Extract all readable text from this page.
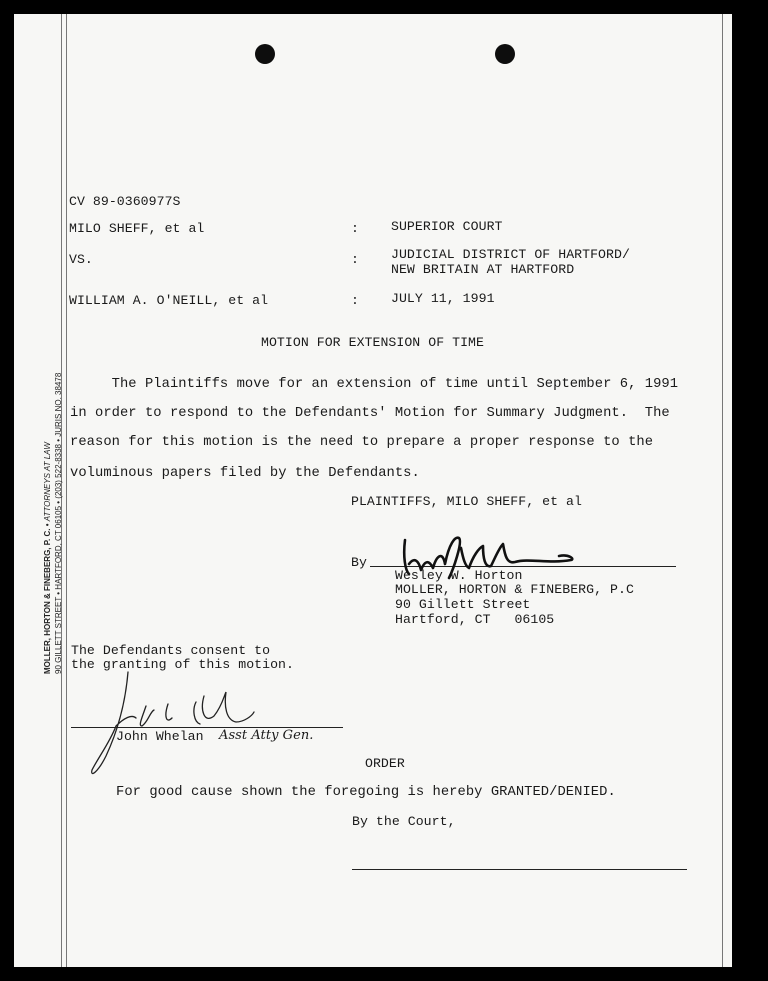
MOLLER, HORTON & FINEBERG, P. C. • ATTORNEYS AT LAW 90 GILLETT STREET • HARTFORD, CT 06105 • (203) 522-8338 • JURIS NO. 38478
CV 89-0360977S
MILO SHEFF, et al	: SUPERIOR COURT
VS.	: JUDICIAL DISTRICT OF HARTFORD/
NEW BRITAIN AT HARTFORD
WILLIAM A. O'NEILL, et al	: JULY 11, 1991
MOTION FOR EXTENSION OF TIME
The Plaintiffs move for an extension of time until September 6, 1991
in order to respond to the Defendants' Motion for Summary Judgment.  The
reason for this motion is the need to prepare a proper response to the
voluminous papers filed by the Defendants.
PLAINTIFFS, MILO SHEFF, et al
By
Wesley W. Horton
MOLLER, HORTON & FINEBERG, P.C
90 Gillett Street
Hartford, CT   06105
The Defendants consent to
the granting of this motion.
John Whelan Asst Atty Gen.
ORDER
For good cause shown the foregoing is hereby GRANTED/DENIED.
By the Court,
